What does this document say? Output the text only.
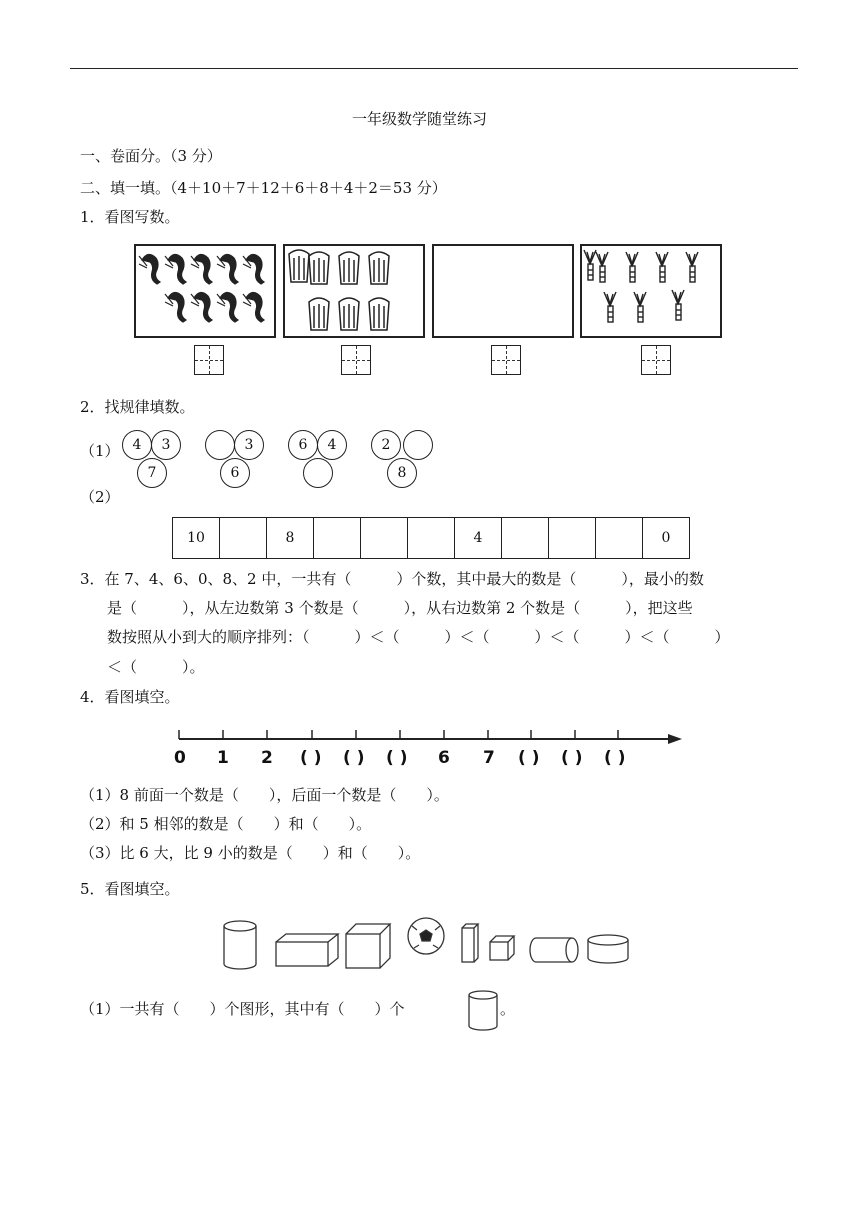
一年级数学随堂练习
一、卷面分。（3 分）
二、填一填。（4＋10＋7＋12＋6＋8＋4＋2＝53 分）
1．看图写数。
2．找规律填数。
（1）
（2）
4	3
7
3
6
6	4	2
8
10		8				4				0
3．在 7、4、6、0、8、2 中，一共有（　　　）个数，其中最大的数是（　　　），最小的数
是（　　　），从左边数第 3 个数是（　　　），从右边数第 2 个数是（　　　），把这些
数按照从小到大的顺序排列：（　　　）＜（　　　）＜（　　　）＜（　　　）＜（　　　）
＜（　　　）。
4．看图填空。
0 1 2 ( ) ( ) ( ) 6 7 ( ) ( ) ( )
（1）8 前面一个数是（　　），后面一个数是（　　）。
（2）和 5 相邻的数是（　　）和（　　）。
（3）比 6 大，比 9 小的数是（　　）和（　　）。
5．看图填空。
（1）一共有（　　）个图形，其中有（　　）个	。
